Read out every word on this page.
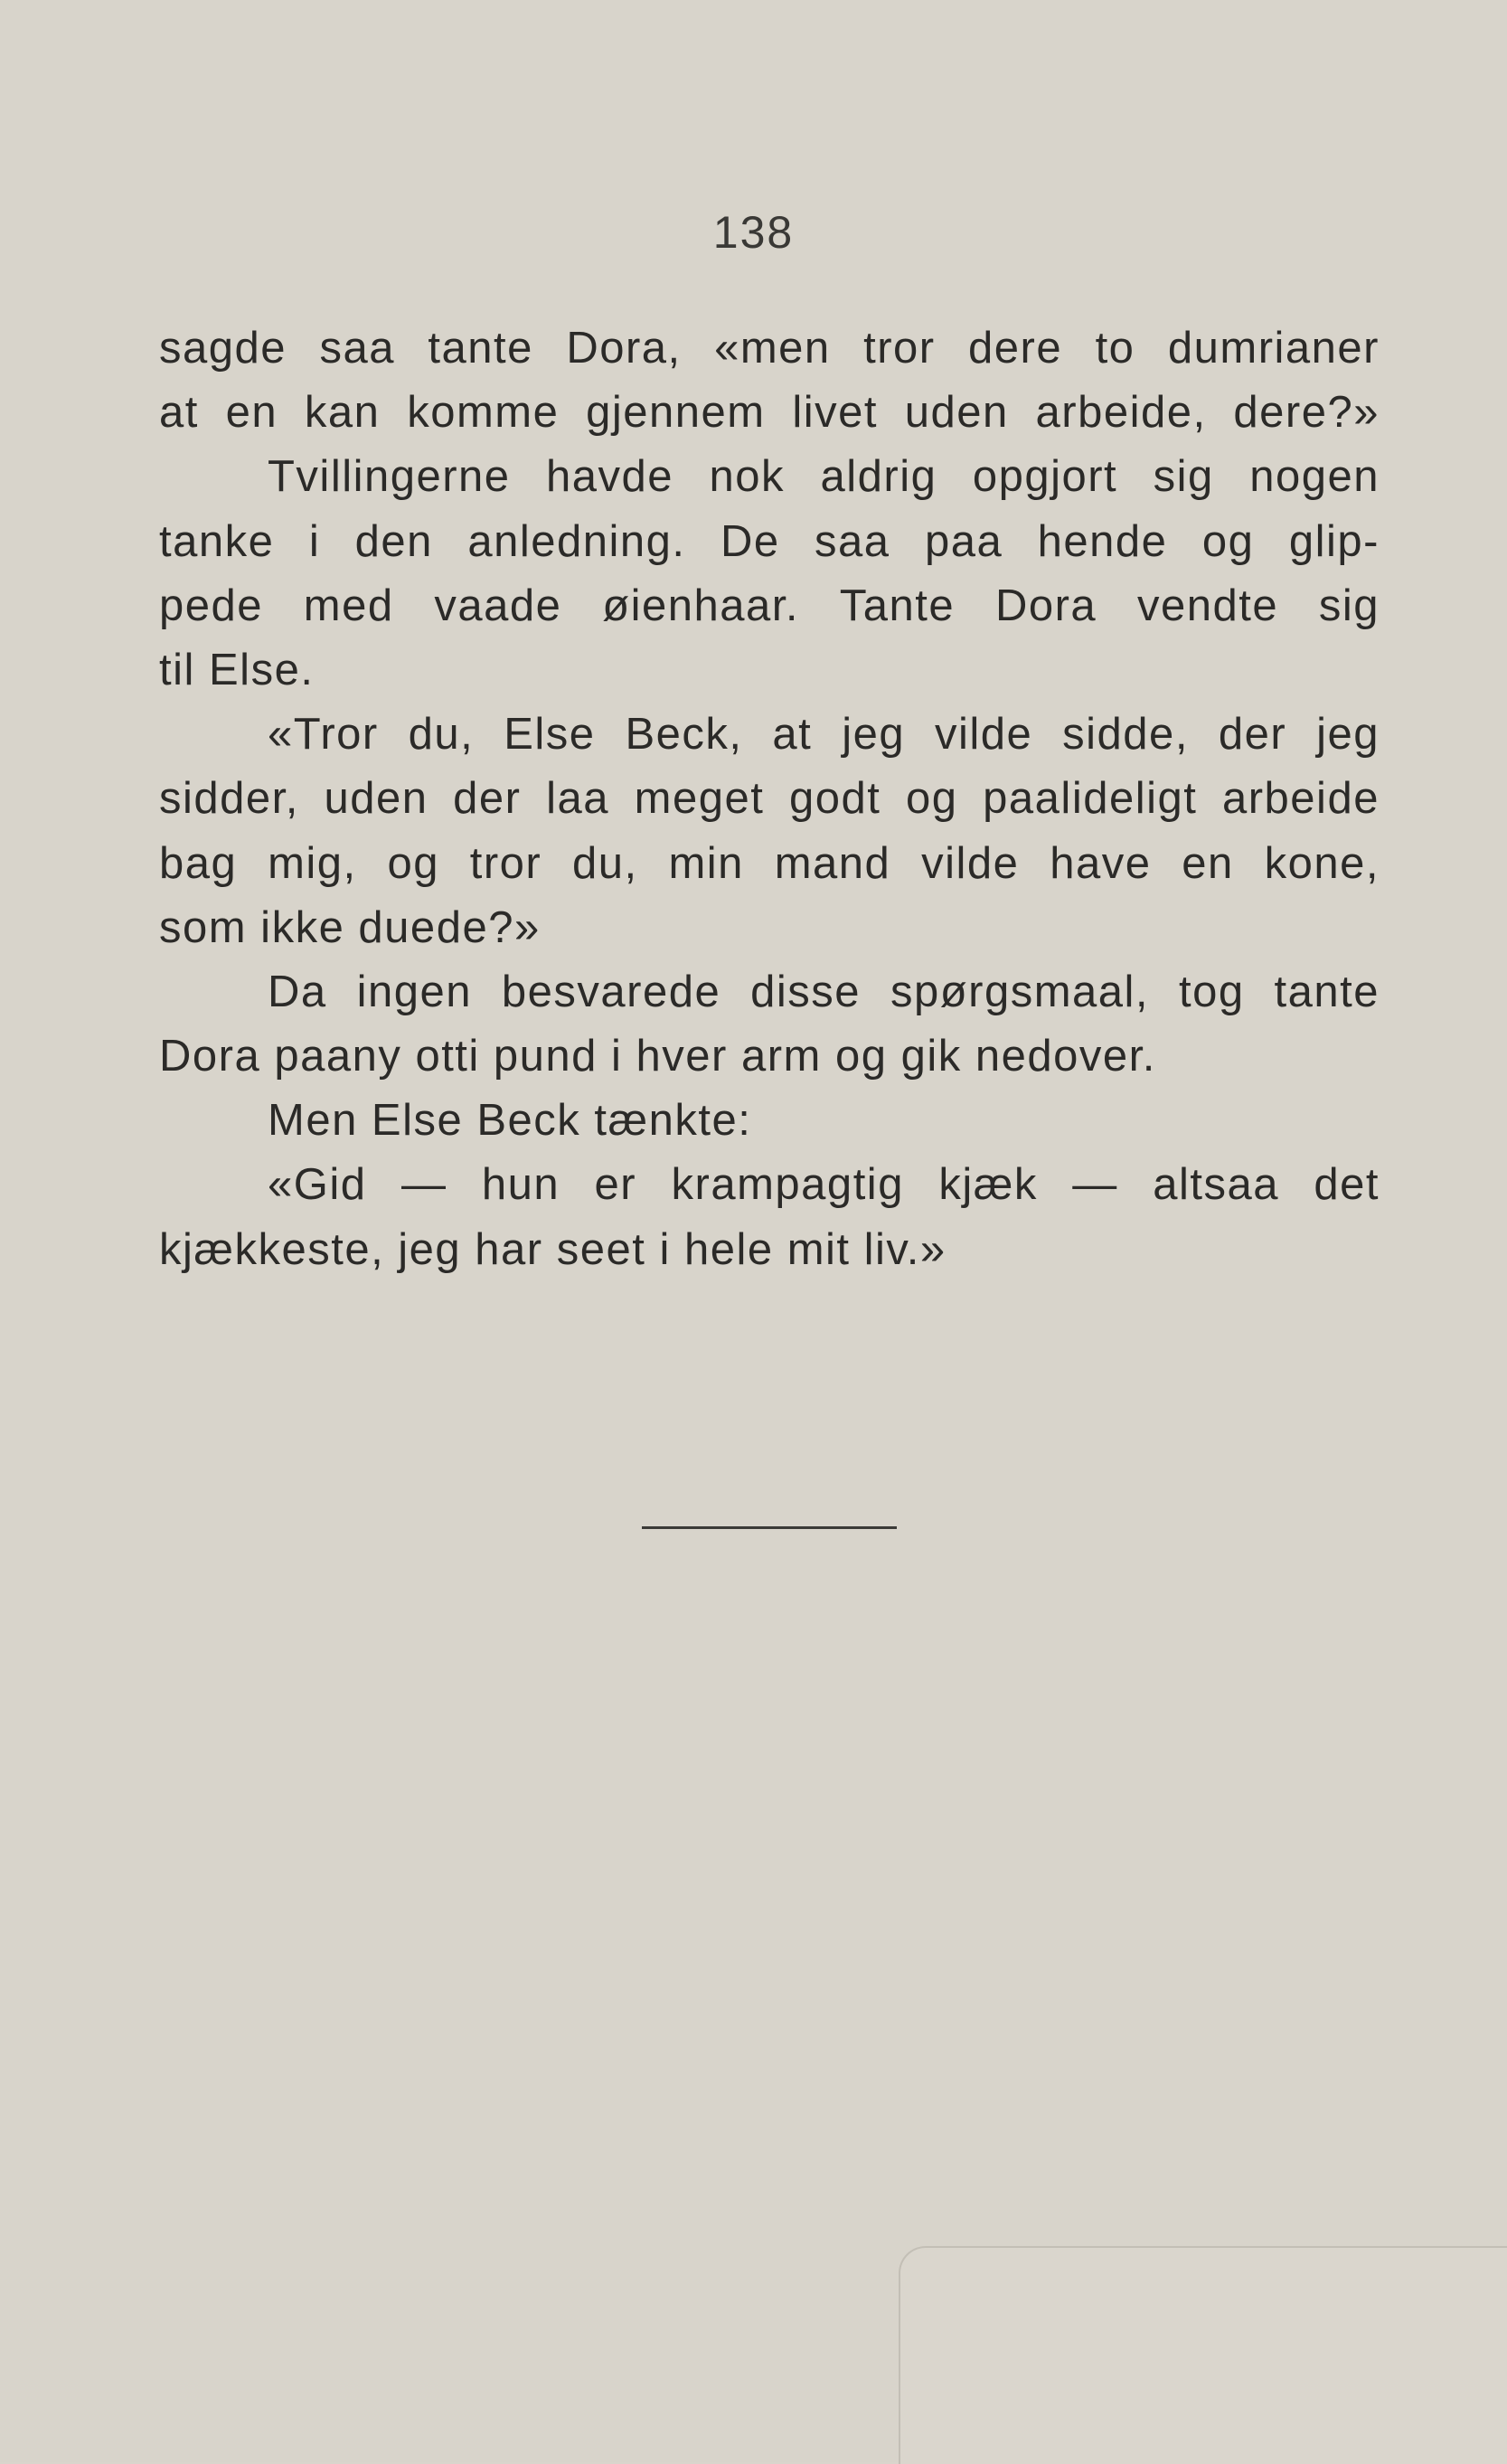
138
sagde saa tante Dora, «men tror dere to dumrianer
at en kan komme gjennem livet uden arbeide, dere?»
Tvillingerne havde nok aldrig opgjort sig nogen
tanke i den anledning. De saa paa hende og glip-
pede med vaade øienhaar. Tante Dora vendte sig
til Else.
«Tror du, Else Beck, at jeg vilde sidde, der jeg
sidder, uden der laa meget godt og paalideligt arbeide
bag mig, og tror du, min mand vilde have en kone,
som ikke duede?»
Da ingen besvarede disse spørgsmaal, tog tante
Dora paany otti pund i hver arm og gik nedover.
Men Else Beck tænkte:
«Gid — hun er krampagtig kjæk — altsaa det
kjækkeste, jeg har seet i hele mit liv.»
